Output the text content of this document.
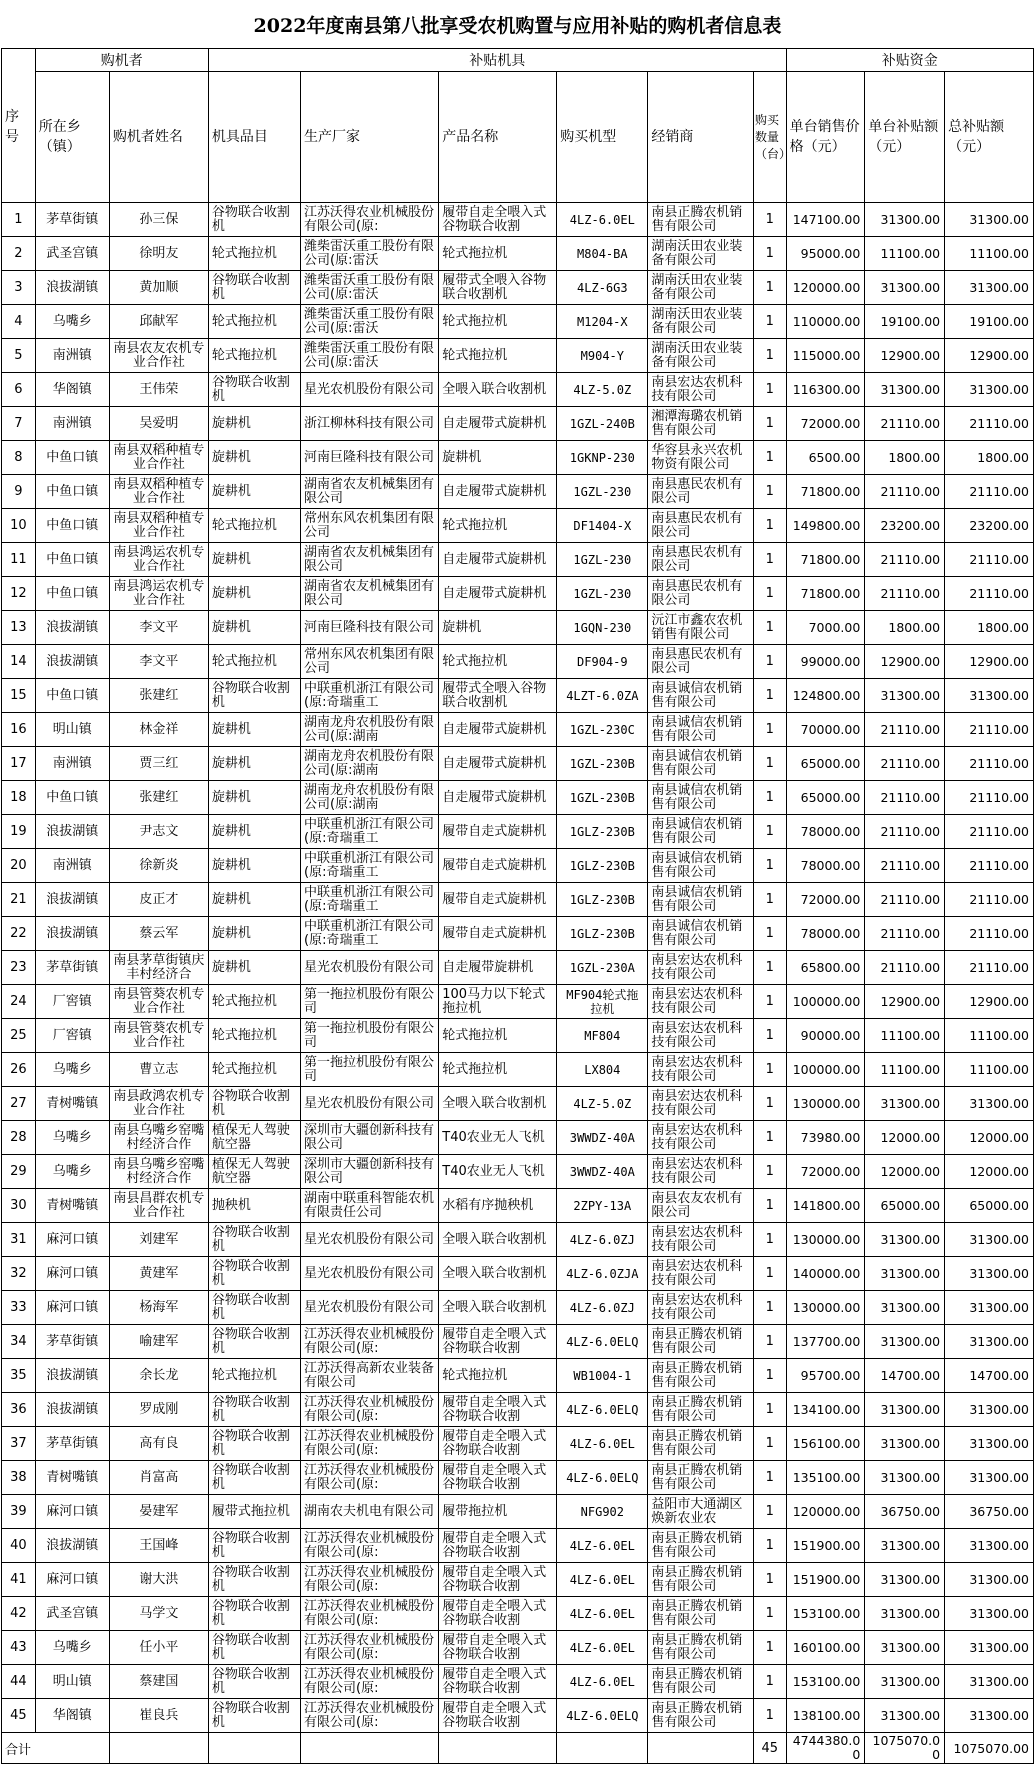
2022年度南县第八批享受农机购置与应用补贴的购机者信息表
序号	购机者		补贴机具						补贴资金		
	所在乡（镇）	购机者姓名	机具品目	生产厂家	产品名称	购买机型	经销商	购买数量（台）	单台销售价格（元）	单台补贴额（元）	总补贴额（元）

1	茅草街镇	孙三保	谷物联合收割机	江苏沃得农业机械股份有限公司(原:	履带自走全喂入式谷物联合收割	4LZ-6.0EL	南县正腾农机销售有限公司	1	147100.00	31300.00	31300.00

2	武圣宫镇	徐明友	轮式拖拉机	潍柴雷沃重工股份有限公司(原:雷沃	轮式拖拉机	M804-BA	湖南沃田农业装备有限公司	1	95000.00	11100.00	11100.00

3	浪拔湖镇	黄加顺	谷物联合收割机	潍柴雷沃重工股份有限公司(原:雷沃	履带式全喂入谷物联合收割机	4LZ-6G3	湖南沃田农业装备有限公司	1	120000.00	31300.00	31300.00

4	乌嘴乡	邱献军	轮式拖拉机	潍柴雷沃重工股份有限公司(原:雷沃	轮式拖拉机	M1204-X	湖南沃田农业装备有限公司	1	110000.00	19100.00	19100.00

5	南洲镇	南县农友农机专业合作社	轮式拖拉机	潍柴雷沃重工股份有限公司(原:雷沃	轮式拖拉机	M904-Y	湖南沃田农业装备有限公司	1	115000.00	12900.00	12900.00

6	华阁镇	王伟荣	谷物联合收割机	星光农机股份有限公司	全喂入联合收割机	4LZ-5.0Z	南县宏达农机科技有限公司	1	116300.00	31300.00	31300.00

7	南洲镇	吴爱明	旋耕机	浙江柳林科技有限公司	自走履带式旋耕机	1GZL-240B	湘潭海璐农机销售有限公司	1	72000.00	21110.00	21110.00

8	中鱼口镇	南县双稻种植专业合作社	旋耕机	河南巨隆科技有限公司	旋耕机	1GKNP-230	华容县永兴农机物资有限公司	1	6500.00	1800.00	1800.00

9	中鱼口镇	南县双稻种植专业合作社	旋耕机	湖南省农友机械集团有限公司	自走履带式旋耕机	1GZL-230	南县惠民农机有限公司	1	71800.00	21110.00	21110.00

10	中鱼口镇	南县双稻种植专业合作社	轮式拖拉机	常州东风农机集团有限公司	轮式拖拉机	DF1404-X	南县惠民农机有限公司	1	149800.00	23200.00	23200.00

11	中鱼口镇	南县鸿运农机专业合作社	旋耕机	湖南省农友机械集团有限公司	自走履带式旋耕机	1GZL-230	南县惠民农机有限公司	1	71800.00	21110.00	21110.00

12	中鱼口镇	南县鸿运农机专业合作社	旋耕机	湖南省农友机械集团有限公司	自走履带式旋耕机	1GZL-230	南县惠民农机有限公司	1	71800.00	21110.00	21110.00

13	浪拔湖镇	李文平	旋耕机	河南巨隆科技有限公司	旋耕机	1GQN-230	沅江市鑫农农机销售有限公司	1	7000.00	1800.00	1800.00

14	浪拔湖镇	李文平	轮式拖拉机	常州东风农机集团有限公司	轮式拖拉机	DF904-9	南县惠民农机有限公司	1	99000.00	12900.00	12900.00

15	中鱼口镇	张建红	谷物联合收割机	中联重机浙江有限公司(原:奇瑞重工	履带式全喂入谷物联合收割机	4LZT-6.0ZA	南县诚信农机销售有限公司	1	124800.00	31300.00	31300.00

16	明山镇	林金祥	旋耕机	湖南龙舟农机股份有限公司(原:湖南	自走履带式旋耕机	1GZL-230C	南县诚信农机销售有限公司	1	70000.00	21110.00	21110.00

17	南洲镇	贾三红	旋耕机	湖南龙舟农机股份有限公司(原:湖南	自走履带式旋耕机	1GZL-230B	南县诚信农机销售有限公司	1	65000.00	21110.00	21110.00

18	中鱼口镇	张建红	旋耕机	湖南龙舟农机股份有限公司(原:湖南	自走履带式旋耕机	1GZL-230B	南县诚信农机销售有限公司	1	65000.00	21110.00	21110.00

19	浪拔湖镇	尹志文	旋耕机	中联重机浙江有限公司(原:奇瑞重工	履带自走式旋耕机	1GLZ-230B	南县诚信农机销售有限公司	1	78000.00	21110.00	21110.00

20	南洲镇	徐新炎	旋耕机	中联重机浙江有限公司(原:奇瑞重工	履带自走式旋耕机	1GLZ-230B	南县诚信农机销售有限公司	1	78000.00	21110.00	21110.00

21	浪拔湖镇	皮正才	旋耕机	中联重机浙江有限公司(原:奇瑞重工	履带自走式旋耕机	1GLZ-230B	南县诚信农机销售有限公司	1	72000.00	21110.00	21110.00

22	浪拔湖镇	蔡云军	旋耕机	中联重机浙江有限公司(原:奇瑞重工	履带自走式旋耕机	1GLZ-230B	南县诚信农机销售有限公司	1	78000.00	21110.00	21110.00

23	茅草街镇	南县茅草街镇庆丰村经济合	旋耕机	星光农机股份有限公司	自走履带旋耕机	1GZL-230A	南县宏达农机科技有限公司	1	65800.00	21110.00	21110.00

24	厂窖镇	南县管葵农机专业合作社	轮式拖拉机	第一拖拉机股份有限公司	100马力以下轮式拖拉机	MF904轮式拖拉机	南县宏达农机科技有限公司	1	100000.00	12900.00	12900.00

25	厂窖镇	南县管葵农机专业合作社	轮式拖拉机	第一拖拉机股份有限公司	轮式拖拉机	MF804	南县宏达农机科技有限公司	1	90000.00	11100.00	11100.00

26	乌嘴乡	曹立志	轮式拖拉机	第一拖拉机股份有限公司	轮式拖拉机	LX804	南县宏达农机科技有限公司	1	100000.00	11100.00	11100.00

27	青树嘴镇	南县政鸿农机专业合作社	谷物联合收割机	星光农机股份有限公司	全喂入联合收割机	4LZ-5.0Z	南县宏达农机科技有限公司	1	130000.00	31300.00	31300.00

28	乌嘴乡	南县乌嘴乡窑嘴村经济合作	植保无人驾驶航空器	深圳市大疆创新科技有限公司	T40农业无人飞机	3WWDZ-40A	南县宏达农机科技有限公司	1	73980.00	12000.00	12000.00

29	乌嘴乡	南县乌嘴乡窑嘴村经济合作	植保无人驾驶航空器	深圳市大疆创新科技有限公司	T40农业无人飞机	3WWDZ-40A	南县宏达农机科技有限公司	1	72000.00	12000.00	12000.00

30	青树嘴镇	南县昌群农机专业合作社	抛秧机	湖南中联重科智能农机有限责任公司	水稻有序抛秧机	2ZPY-13A	南县农友农机有限公司	1	141800.00	65000.00	65000.00

31	麻河口镇	刘建军	谷物联合收割机	星光农机股份有限公司	全喂入联合收割机	4LZ-6.0ZJ	南县宏达农机科技有限公司	1	130000.00	31300.00	31300.00

32	麻河口镇	黄建军	谷物联合收割机	星光农机股份有限公司	全喂入联合收割机	4LZ-6.0ZJA	南县宏达农机科技有限公司	1	140000.00	31300.00	31300.00

33	麻河口镇	杨海军	谷物联合收割机	星光农机股份有限公司	全喂入联合收割机	4LZ-6.0ZJ	南县宏达农机科技有限公司	1	130000.00	31300.00	31300.00

34	茅草街镇	喻建军	谷物联合收割机	江苏沃得农业机械股份有限公司(原:	履带自走全喂入式谷物联合收割	4LZ-6.0ELQ	南县正腾农机销售有限公司	1	137700.00	31300.00	31300.00

35	浪拔湖镇	余长龙	轮式拖拉机	江苏沃得高新农业装备有限公司	轮式拖拉机	WB1004-1	南县正腾农机销售有限公司	1	95700.00	14700.00	14700.00

36	浪拔湖镇	罗成刚	谷物联合收割机	江苏沃得农业机械股份有限公司(原:	履带自走全喂入式谷物联合收割	4LZ-6.0ELQ	南县正腾农机销售有限公司	1	134100.00	31300.00	31300.00

37	茅草街镇	高有良	谷物联合收割机	江苏沃得农业机械股份有限公司(原:	履带自走全喂入式谷物联合收割	4LZ-6.0EL	南县正腾农机销售有限公司	1	156100.00	31300.00	31300.00

38	青树嘴镇	肖富高	谷物联合收割机	江苏沃得农业机械股份有限公司(原:	履带自走全喂入式谷物联合收割	4LZ-6.0ELQ	南县正腾农机销售有限公司	1	135100.00	31300.00	31300.00

39	麻河口镇	晏建军	履带式拖拉机	湖南农夫机电有限公司	履带拖拉机	NFG902	益阳市大通湖区焕新农业农	1	120000.00	36750.00	36750.00

40	浪拔湖镇	王国峰	谷物联合收割机	江苏沃得农业机械股份有限公司(原:	履带自走全喂入式谷物联合收割	4LZ-6.0EL	南县正腾农机销售有限公司	1	151900.00	31300.00	31300.00

41	麻河口镇	谢大洪	谷物联合收割机	江苏沃得农业机械股份有限公司(原:	履带自走全喂入式谷物联合收割	4LZ-6.0EL	南县正腾农机销售有限公司	1	151900.00	31300.00	31300.00

42	武圣宫镇	马学文	谷物联合收割机	江苏沃得农业机械股份有限公司(原:	履带自走全喂入式谷物联合收割	4LZ-6.0EL	南县正腾农机销售有限公司	1	153100.00	31300.00	31300.00

43	乌嘴乡	任小平	谷物联合收割机	江苏沃得农业机械股份有限公司(原:	履带自走全喂入式谷物联合收割	4LZ-6.0EL	南县正腾农机销售有限公司	1	160100.00	31300.00	31300.00

44	明山镇	蔡建国	谷物联合收割机	江苏沃得农业机械股份有限公司(原:	履带自走全喂入式谷物联合收割	4LZ-6.0EL	南县正腾农机销售有限公司	1	153100.00	31300.00	31300.00

45	华阁镇	崔良兵	谷物联合收割机	江苏沃得农业机械股份有限公司(原:	履带自走全喂入式谷物联合收割	4LZ-6.0ELQ	南县正腾农机销售有限公司	1	138100.00	31300.00	31300.00

合计								45	4744380.00	1075070.00	1075070.00
